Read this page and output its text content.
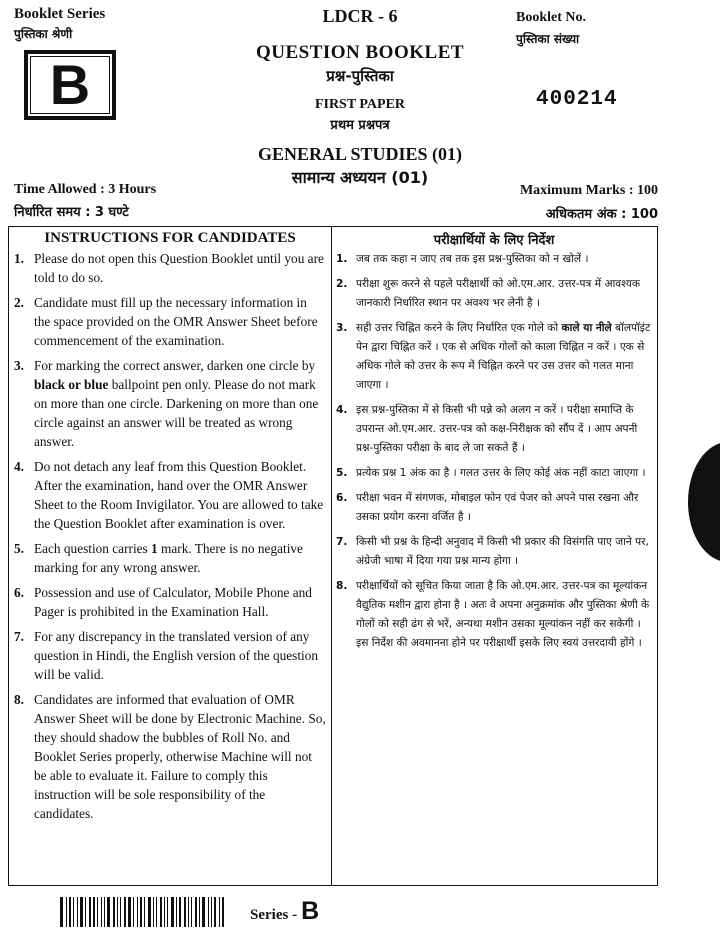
Booklet Series
पुस्तिका श्रेणी
B
LDCR - 6
QUESTION BOOKLET
प्रश्न-पुस्तिका
FIRST PAPER
प्रथम प्रश्नपत्र
GENERAL STUDIES (01)
सामान्य अध्ययन (01)
Booklet No.
पुस्तिका संख्या
400214
Time Allowed : 3 Hours
निर्धारित समय : 3 घण्टे
Maximum Marks : 100
अधिकतम अंक : 100
INSTRUCTIONS FOR CANDIDATES
1. Please do not open this Question Booklet until you are told to do so.
2. Candidate must fill up the necessary information in the space provided on the OMR Answer Sheet before commencement of the examination.
3. For marking the correct answer, darken one circle by black or blue ballpoint pen only. Please do not mark on more than one circle. Darkening on more than one circle against an answer will be treated as wrong answer.
4. Do not detach any leaf from this Question Booklet. After the examination, hand over the OMR Answer Sheet to the Room Invigilator. You are allowed to take the Question Booklet after examination is over.
5. Each question carries 1 mark. There is no negative marking for any wrong answer.
6. Possession and use of Calculator, Mobile Phone and Pager is prohibited in the Examination Hall.
7. For any discrepancy in the translated version of any question in Hindi, the English version of the question will be valid.
8. Candidates are informed that evaluation of OMR Answer Sheet will be done by Electronic Machine. So, they should shadow the bubbles of Roll No. and Booklet Series properly, otherwise Machine will not be able to evaluate it. Failure to comply this instruction will be sole responsibility of the candidates.
परीक्षार्थियों के लिए निर्देश
1. जब तक कहा न जाए तब तक इस प्रश्न-पुस्तिका को न खोलें ।
2. परीक्षा शुरू करने से पहले परीक्षार्थी को ओ.एम.आर. उत्तर-पत्र में आवश्यक जानकारी निर्धारित स्थान पर अवश्य भर लेनी है ।
3. सही उत्तर चिह्नित करने के लिए निर्धारित एक गोले को काले या नीले बॉलपॉइंट पेन द्वारा चिह्नित करें । एक से अधिक गोलों को काला चिह्नित न करें । एक से अधिक गोले को उत्तर के रूप में चिह्नित करने पर उस उत्तर को गलत माना जाएगा ।
4. इस प्रश्न-पुस्तिका में से किसी भी पन्ने को अलग न करें । परीक्षा समाप्ति के उपरान्त ओ.एम.आर. उत्तर-पत्र को कक्ष-निरीक्षक को सौंप दें । आप अपनी प्रश्न-पुस्तिका परीक्षा के बाद ले जा सकते हैं ।
5. प्रत्येक प्रश्न 1 अंक का है । गलत उत्तर के लिए कोई अंक नहीं काटा जाएगा ।
6. परीक्षा भवन में संगणक, मोबाइल फोन एवं पेजर को अपने पास रखना और उसका प्रयोग करना वर्जित है ।
7. किसी भी प्रश्न के हिन्दी अनुवाद में किसी भी प्रकार की विसंगति पाए जाने पर, अंग्रेजी भाषा में दिया गया प्रश्न मान्य होगा ।
8. परीक्षार्थियों को सूचित किया जाता है कि ओ.एम.आर. उत्तर-पत्र का मूल्यांकन वैद्युतिक मशीन द्वारा होना है । अतः वे अपना अनुक्रमांक और पुस्तिका श्रेणी के गोलों को सही ढंग से भरें, अन्यथा मशीन उसका मूल्यांकन नहीं कर सकेगी । इस निर्देश की अवमानना होने पर परीक्षार्थी इसके लिए स्वयं उत्तरदायी होंगे ।
Series - B
